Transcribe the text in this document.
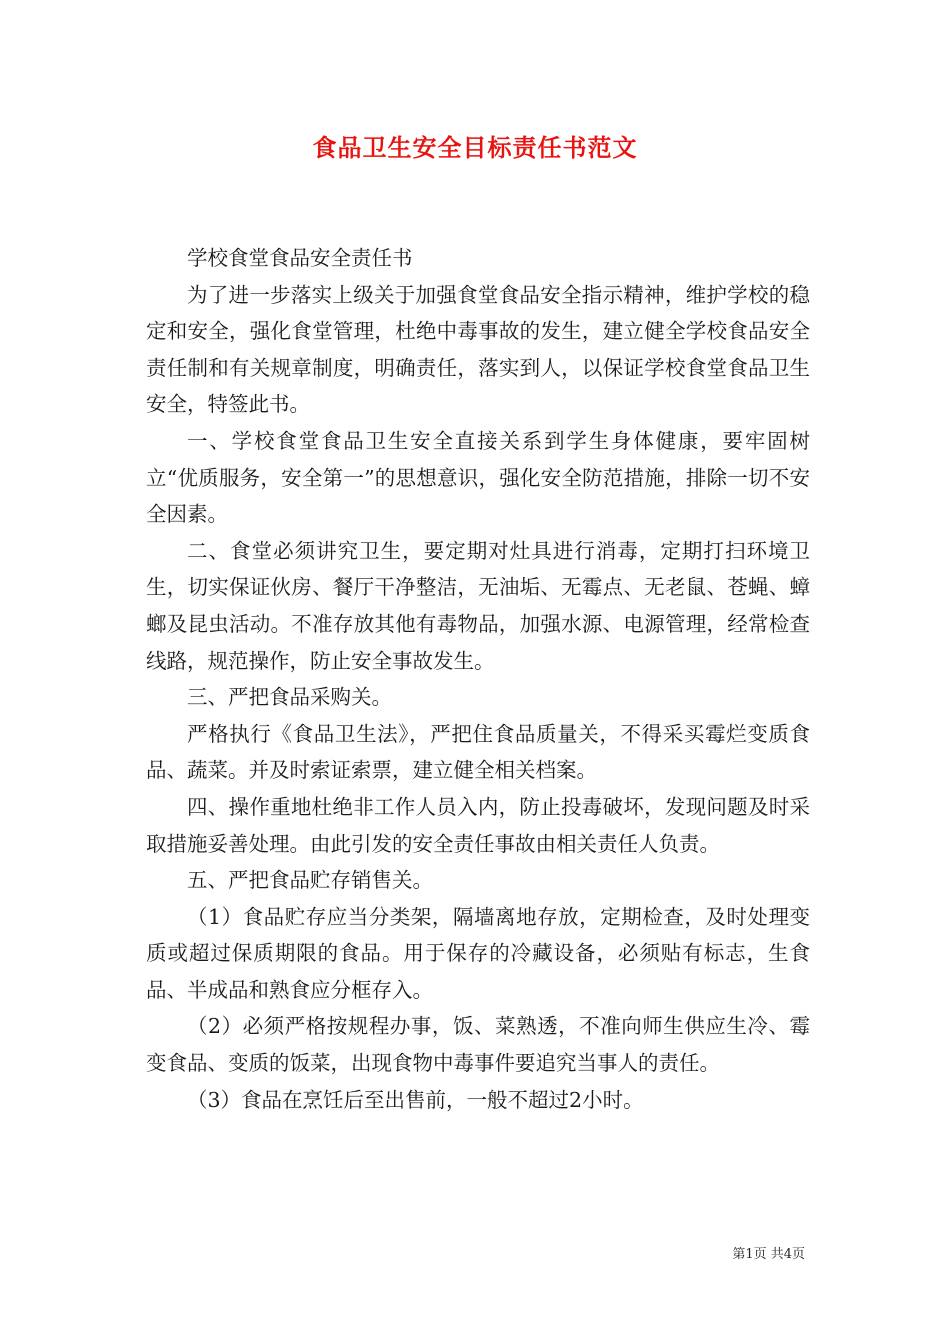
食品卫生安全目标责任书范文

学校食堂食品安全责任书

为了进一步落实上级关于加强食堂食品安全指示精神，维护学校的稳定和安全，强化食堂管理，杜绝中毒事故的发生，建立健全学校食品安全责任制和有关规章制度，明确责任，落实到人，以保证学校食堂食品卫生安全，特签此书。

一、学校食堂食品卫生安全直接关系到学生身体健康，要牢固树立“优质服务，安全第一”的思想意识，强化安全防范措施，排除一切不安全因素。

二、食堂必须讲究卫生，要定期对灶具进行消毒，定期打扫环境卫生，切实保证伙房、餐厅干净整洁，无油垢、无霉点、无老鼠、苍蝇、蟑螂及昆虫活动。不准存放其他有毒物品，加强水源、电源管理，经常检查线路，规范操作，防止安全事故发生。

三、严把食品采购关。

严格执行《食品卫生法》，严把住食品质量关，不得采买霉烂变质食品、蔬菜。并及时索证索票，建立健全相关档案。

四、操作重地杜绝非工作人员入内，防止投毒破坏，发现问题及时采取措施妥善处理。由此引发的安全责任事故由相关责任人负责。

五、严把食品贮存销售关。

（1）食品贮存应当分类架，隔墙离地存放，定期检查，及时处理变质或超过保质期限的食品。用于保存的冷藏设备，必须贴有标志，生食品、半成品和熟食应分框存入。

（2）必须严格按规程办事，饭、菜熟透，不准向师生供应生冷、霉变食品、变质的饭菜，出现食物中毒事件要追究当事人的责任。

（3）食品在烹饪后至出售前，一般不超过2小时。

第1页 共4页
